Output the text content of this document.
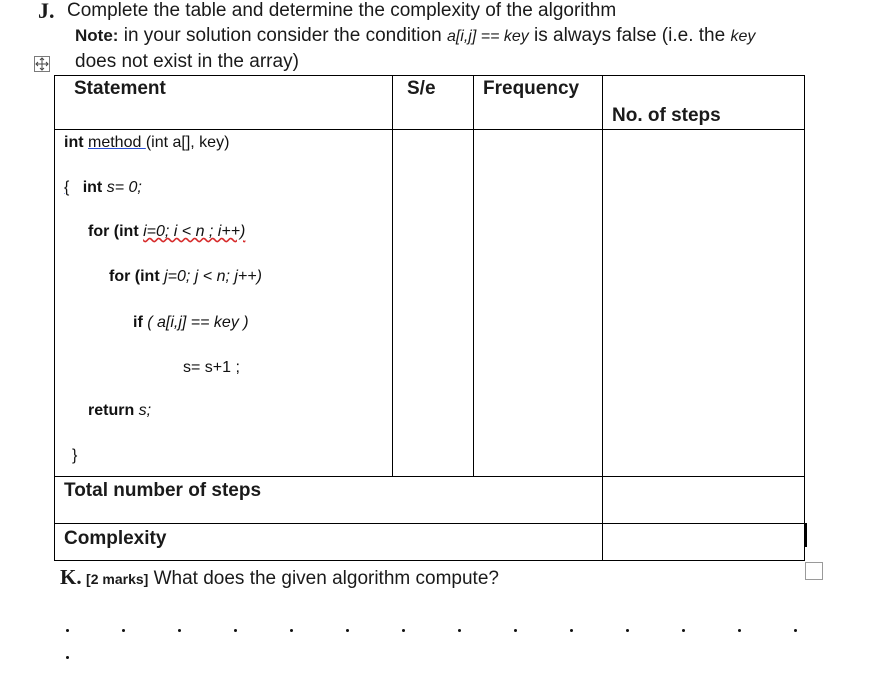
J. Complete the table and determine the complexity of the algorithm
Note: in your solution consider the condition a[i,j] == key is always false (i.e. the key
does not exist in the array)
Statement	S/e Frequency
No. of steps
int method (int a[], key)
{ int s= 0;
for (int i=0; i < n ; i++)
for (int j=0; j < n; j++)
if ( a[i,j] == key )
s= s+1 ;
return s;
}
Total number of steps
Complexity
K. [2 marks] What does the given algorithm compute?
